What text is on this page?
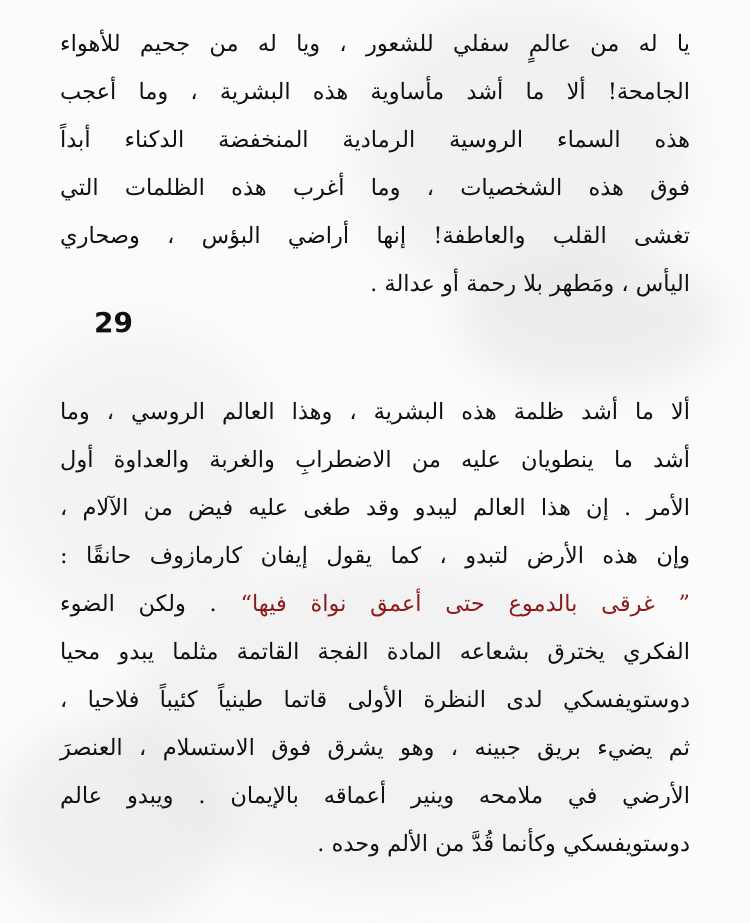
يا له من عالمٍ سفلي للشعور ، ويا له من جحيم للأهواء
الجامحة! ألا ما أشد مأساوية هذه البشرية ، وما أعجب
هذه السماء الروسية الرمادية المنخفضة الدكناء أبداً
فوق هذه الشخصيات ، وما أغرب هذه الظلمات التي
تغشى القلب والعاطفة! إنها أراضي البؤس ، وصحاري
اليأس ، ومَطهر بلا رحمة أو عدالة .
29
ألا ما أشد ظلمة هذه البشرية ، وهذا العالم الروسي ، وما
أشد ما ينطويان عليه من الاضطرابِ والغربة والعداوة أول
الأمر . إن هذا العالم ليبدو وقد طغى عليه فيض من الآلام ،
وإن هذه الأرض لتبدو ، كما يقول إيفان كارمازوف حانقًا :
” غرقى بالدموع حتى أعمق نواة فيها“ . ولكن الضوء
الفكري يخترق بشعاعه المادة الفجة القاتمة مثلما يبدو محيا
دوستويفسكي لدى النظرة الأولى قاتما طينياً كئيباً فلاحيا ،
ثم يضيء بريق جبينه ، وهو يشرق فوق الاستسلام ، العنصرَ
الأرضي في ملامحه وينير أعماقه بالإيمان . ويبدو عالم
دوستويفسكي وكأنما قُدَّ من الألم وحده .
